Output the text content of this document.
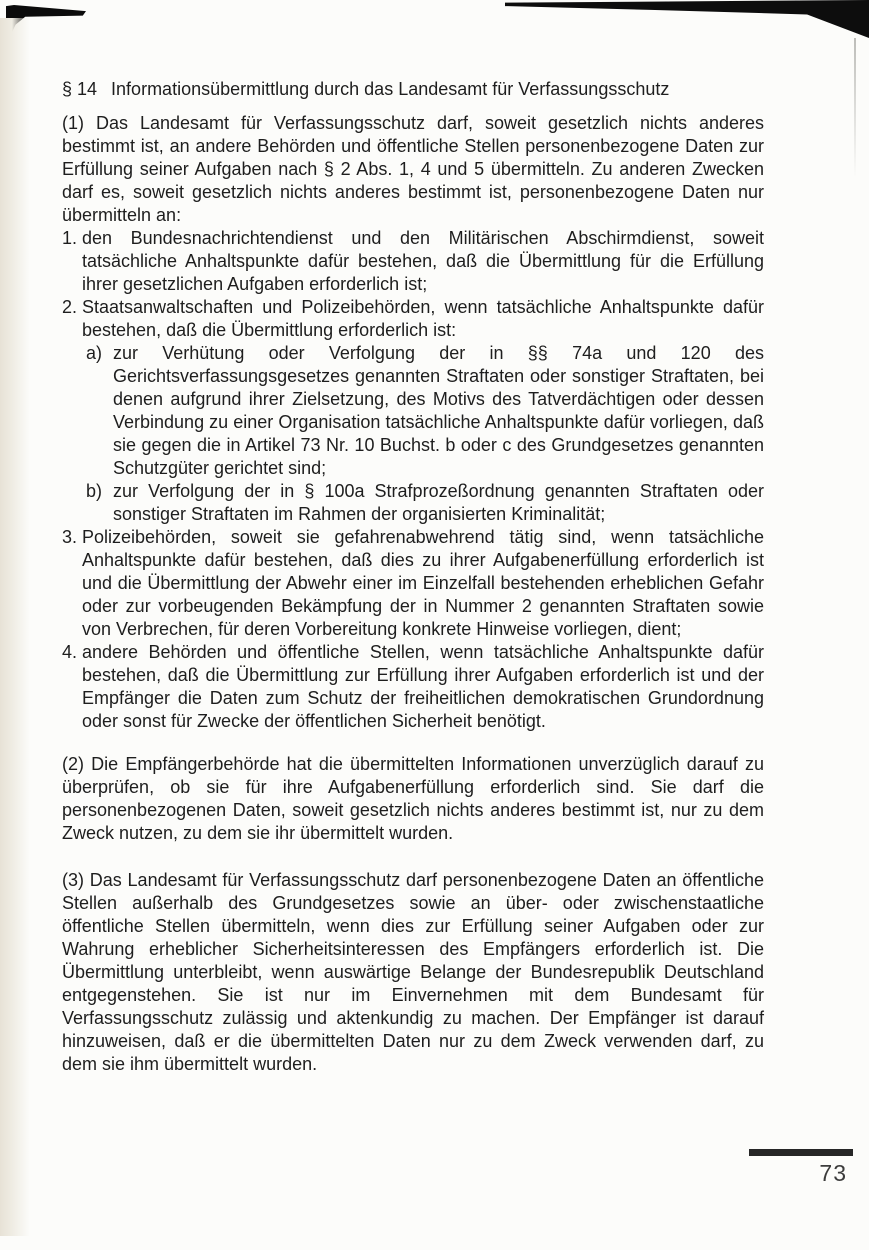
§ 14 Informationsübermittlung durch das Landesamt für Verfassungsschutz

(1) Das Landesamt für Verfassungsschutz darf, soweit gesetzlich nichts anderes bestimmt ist, an andere Behörden und öffentliche Stellen personenbezogene Daten zur Erfüllung seiner Aufgaben nach § 2 Abs. 1, 4 und 5 übermitteln. Zu anderen Zwecken darf es, soweit gesetzlich nichts anderes bestimmt ist, personenbezogene Daten nur übermitteln an:

1. den Bundesnachrichtendienst und den Militärischen Abschirmdienst, soweit tatsächliche Anhaltspunkte dafür bestehen, daß die Übermittlung für die Erfüllung ihrer gesetzlichen Aufgaben erforderlich ist;
2. Staatsanwaltschaften und Polizeibehörden, wenn tatsächliche Anhaltspunkte dafür bestehen, daß die Übermittlung erforderlich ist:
a) zur Verhütung oder Verfolgung der in §§ 74a und 120 des Gerichtsverfassungsgesetzes genannten Straftaten oder sonstiger Straftaten, bei denen aufgrund ihrer Zielsetzung, des Motivs des Tatverdächtigen oder dessen Verbindung zu einer Organisation tatsächliche Anhaltspunkte dafür vorliegen, daß sie gegen die in Artikel 73 Nr. 10 Buchst. b oder c des Grundgesetzes genannten Schutzgüter gerichtet sind;
b) zur Verfolgung der in § 100a Strafprozeßordnung genannten Straftaten oder sonstiger Straftaten im Rahmen der organisierten Kriminalität;
3. Polizeibehörden, soweit sie gefahrenabwehrend tätig sind, wenn tatsächliche Anhaltspunkte dafür bestehen, daß dies zu ihrer Aufgabenerfüllung erforderlich ist und die Übermittlung der Abwehr einer im Einzelfall bestehenden erheblichen Gefahr oder zur vorbeugenden Bekämpfung der in Nummer 2 genannten Straftaten sowie von Verbrechen, für deren Vorbereitung konkrete Hinweise vorliegen, dient;
4. andere Behörden und öffentliche Stellen, wenn tatsächliche Anhaltspunkte dafür bestehen, daß die Übermittlung zur Erfüllung ihrer Aufgaben erforderlich ist und der Empfänger die Daten zum Schutz der freiheitlichen demokratischen Grundordnung oder sonst für Zwecke der öffentlichen Sicherheit benötigt.

(2) Die Empfängerbehörde hat die übermittelten Informationen unverzüglich darauf zu überprüfen, ob sie für ihre Aufgabenerfüllung erforderlich sind. Sie darf die personenbezogenen Daten, soweit gesetzlich nichts anderes bestimmt ist, nur zu dem Zweck nutzen, zu dem sie ihr übermittelt wurden.

(3) Das Landesamt für Verfassungsschutz darf personenbezogene Daten an öffentliche Stellen außerhalb des Grundgesetzes sowie an über- oder zwischenstaatliche öffentliche Stellen übermitteln, wenn dies zur Erfüllung seiner Aufgaben oder zur Wahrung erheblicher Sicherheitsinteressen des Empfängers erforderlich ist. Die Übermittlung unterbleibt, wenn auswärtige Belange der Bundesrepublik Deutschland entgegenstehen. Sie ist nur im Einvernehmen mit dem Bundesamt für Verfassungsschutz zulässig und aktenkundig zu machen. Der Empfänger ist darauf hinzuweisen, daß er die übermittelten Daten nur zu dem Zweck verwenden darf, zu dem sie ihm übermittelt wurden.

73
